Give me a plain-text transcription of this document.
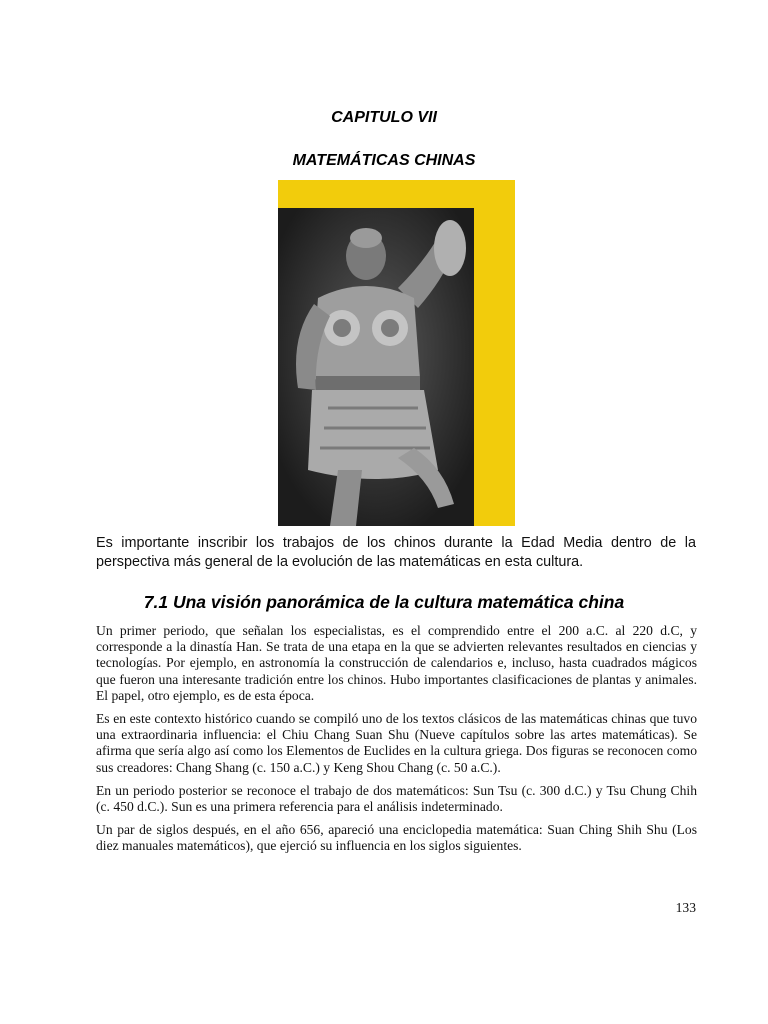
CAPITULO VII
MATEMÁTICAS CHINAS
Es importante inscribir los trabajos de los chinos durante la Edad Media dentro de la perspectiva más general de la evolución de las matemáticas en esta cultura.
7.1 Una visión panorámica de la cultura matemática china

Un primer periodo, que señalan los especialistas, es el comprendido entre el 200 a.C. al 220 d.C, y corresponde a la dinastía Han. Se trata de una etapa en la que se advierten relevantes resultados en ciencias y tecnologías. Por ejemplo, en astronomía la construcción de calendarios e, incluso, hasta cuadrados mágicos que fueron una interesante tradición entre los chinos. Hubo importantes clasificaciones de plantas y animales. El papel, otro ejemplo, es de esta época.

Es en este contexto histórico cuando se compiló uno de los textos clásicos de las matemáticas chinas que tuvo una extraordinaria influencia: el Chiu Chang Suan Shu (Nueve capítulos sobre las artes matemáticas). Se afirma que sería algo así como los Elementos de Euclides en la cultura griega. Dos figuras se reconocen como sus creadores: Chang Shang (c. 150 a.C.) y Keng Shou Chang (c. 50 a.C.).

En un periodo posterior se reconoce el trabajo de dos matemáticos: Sun Tsu (c. 300 d.C.) y Tsu Chung Chih (c. 450 d.C.). Sun es una primera referencia para el análisis indeterminado.

Un par de siglos después, en el año 656, apareció una enciclopedia matemática: Suan Ching Shih Shu (Los diez manuales matemáticos), que ejerció su influencia en los siglos siguientes.

133
